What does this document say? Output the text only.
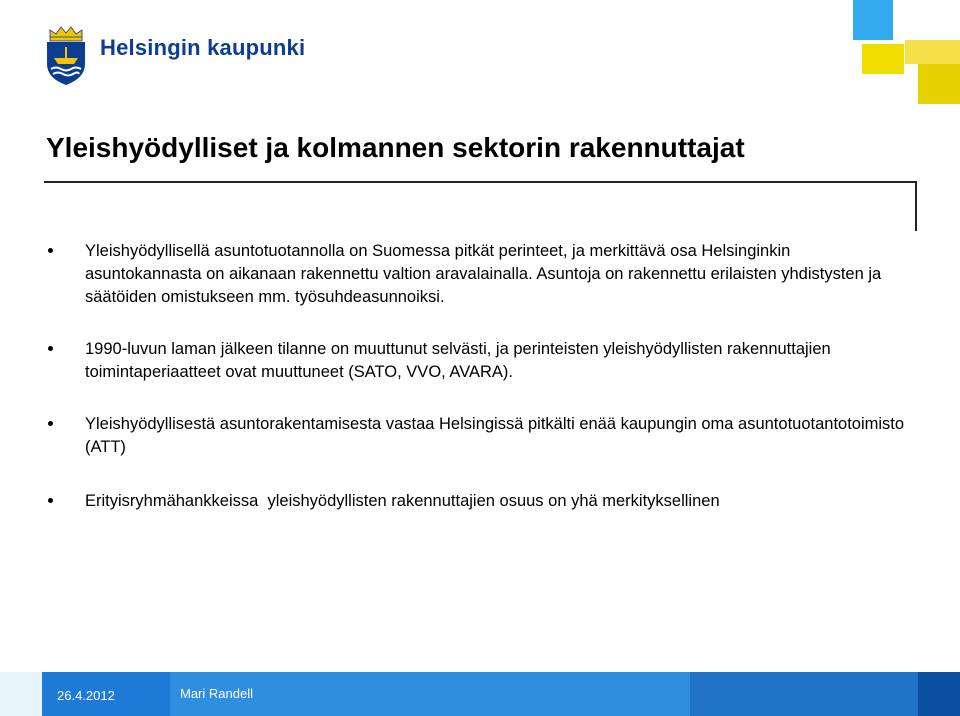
Helsingin kaupunki
Yleishyödylliset ja kolmannen sektorin rakennuttajat
Yleishyödyllisellä asuntotuotannolla on Suomessa pitkät perinteet, ja merkittävä osa Helsinginkin asuntokannasta on aikanaan rakennettu valtion aravalainalla. Asuntoja on rakennettu erilaisten yhdistysten ja säätöiden omistukseen mm. työsuhdeasunnoiksi.
1990-luvun laman jälkeen tilanne on muuttunut selvästi, ja perinteisten yleishyödyllisten rakennuttajien toimintaperiaatteet ovat muuttuneet (SATO, VVO, AVARA).
Yleishyödyllisestä asuntorakentamisesta vastaa Helsingissä pitkälti enää kaupungin oma asuntotuotantotoimisto (ATT)
Erityisryhmähankkeissa  yleishyödyllisten rakennuttajien osuus on yhä merkityksellinen
26.4.2012	Mari Randell
